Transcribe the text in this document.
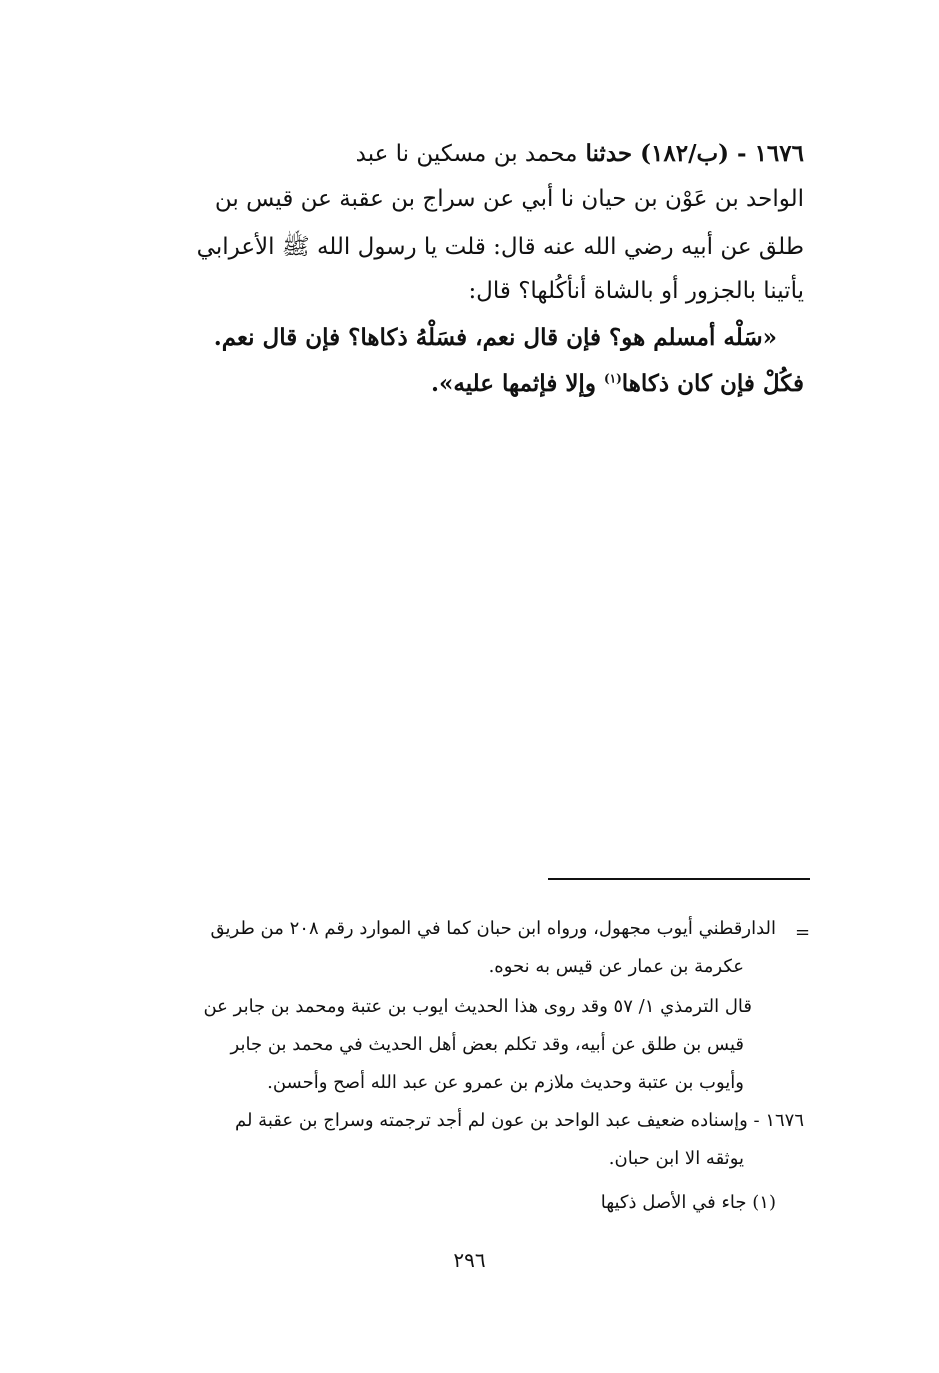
١٦٧٦ - (ب/١٨٢) حدثنا محمد بن مسكين نا عبد

الواحد بن عَوْن بن حيان نا أبي عن سراج بن عقبة عن قيس بن

طلق عن أبيه رضي الله عنه قال: قلت يا رسول الله ﷺ الأعرابي

يأتينا بالجزور أو بالشاة أنأكُلها؟ قال:

«سَلْه أمسلم هو؟ فإن قال نعم، فسَلْهُ ذكاها؟ فإن قال نعم.

فكُلْ فإن كان ذكاها$^{(١)}$ وإلا فإثمها عليه».

=

الدارقطني أيوب مجهول، ورواه ابن حبان كما في الموارد رقم ٢٠٨ من طريق

عكرمة بن عمار عن قيس به نحوه.

قال الترمذي ١/ ٥٧ وقد روى هذا الحديث ايوب بن عتبة ومحمد بن جابر عن

قيس بن طلق عن أبيه، وقد تكلم بعض أهل الحديث في محمد بن جابر

وأيوب بن عتبة وحديث ملازم بن عمرو عن عبد الله أصح وأحسن.

١٦٧٦ - وإسناده ضعيف عبد الواحد بن عون لم أجد ترجمته وسراج بن عقبة لم

يوثقه الا ابن حبان.

(١) جاء في الأصل ذكيها

٢٩٦
